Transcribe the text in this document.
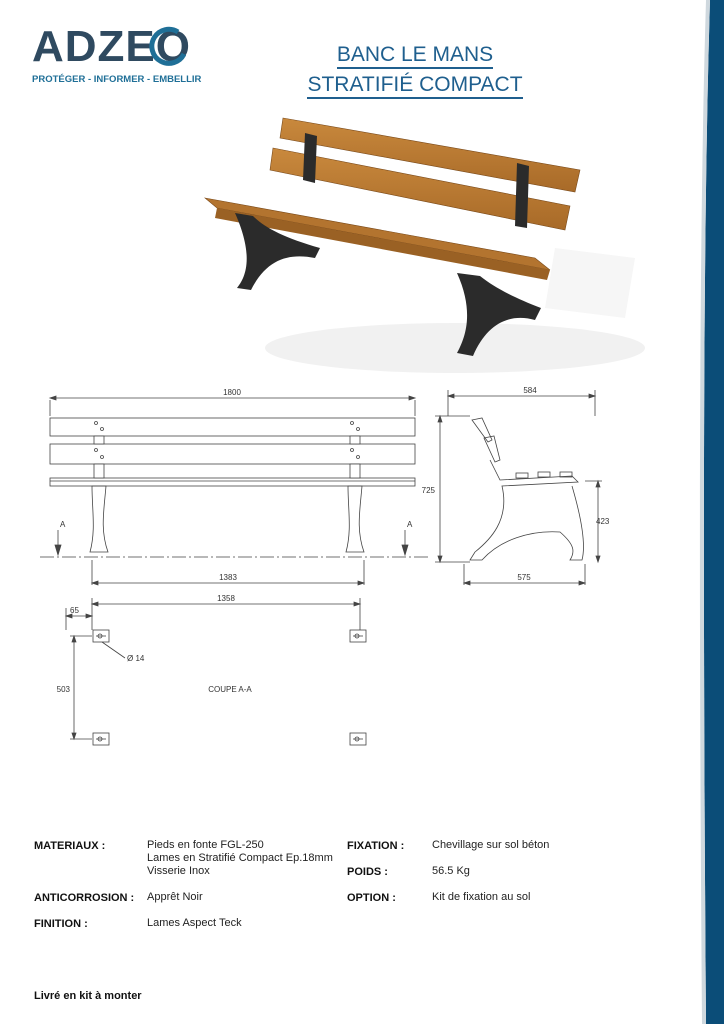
ADZEO
PROTÉGER - INFORMER - EMBELLIR
BANC LE MANS
STRATIFIÉ COMPACT
1800
A	A
1383
584
725
423
575
65
1358
Ø 14
503	COUPE A-A
MATERIAUX :	Pieds en fonte FGL-250
Lames en Stratifié Compact Ep.18mm
Visserie Inox
ANTICORROSION : Apprêt Noir
FINITION :	Lames Aspect Teck
FIXATION :	Chevillage sur sol béton
POIDS :	56.5 Kg
OPTION :	Kit de fixation au sol
Livré en kit à monter
